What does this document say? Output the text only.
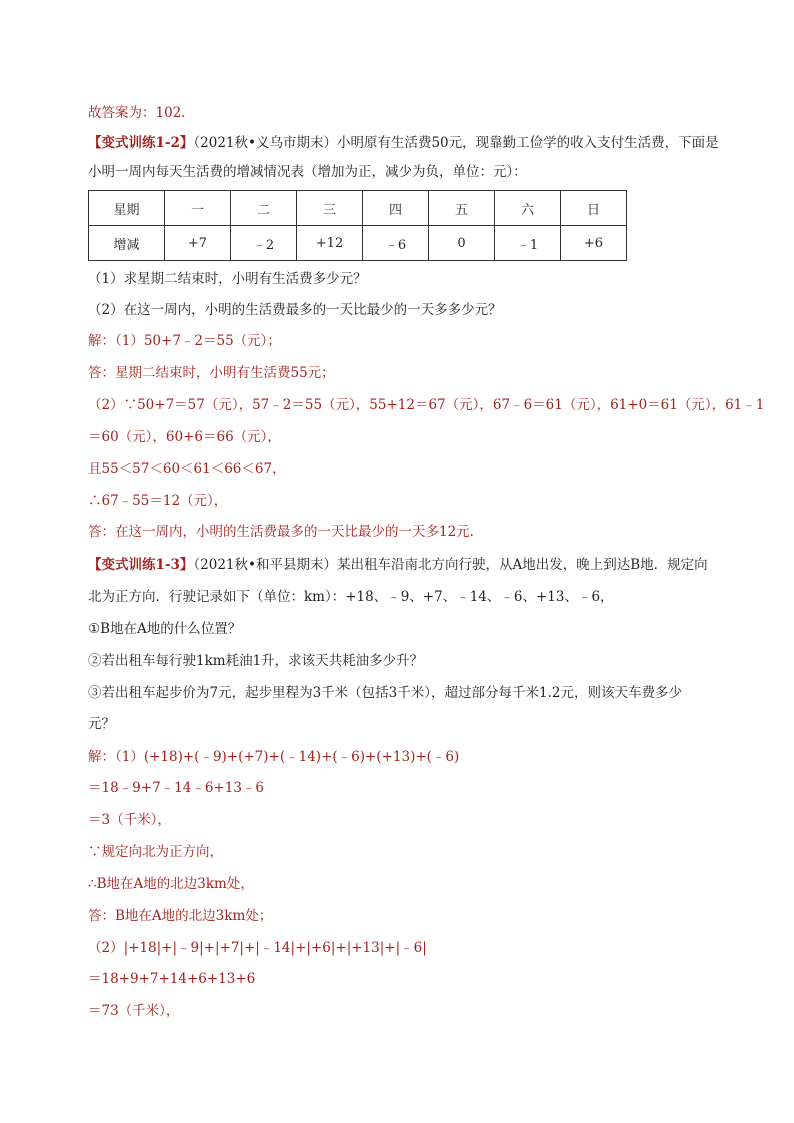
故答案为：102．
【变式训练1-2】（2021秋•义乌市期末）小明原有生活费50元，现靠勤工俭学的收入支付生活费，下面是
小明一周内每天生活费的增减情况表（增加为正，减少为负，单位：元）：
星期	一	二	三	四	五	六	日
增减	+7	﹣2	+12	﹣6	0	﹣1	+6
（1）求星期二结束时，小明有生活费多少元？
（2）在这一周内，小明的生活费最多的一天比最少的一天多多少元？
解：（1）50+7﹣2＝55（元）；
答：星期二结束时，小明有生活费55元；
（2）∵50+7＝57（元），57﹣2＝55（元），55+12＝67（元），67﹣6＝61（元），61+0＝61（元），61﹣1
＝60（元），60+6＝66（元），
且55＜57＜60＜61＜66＜67，
∴67﹣55＝12（元），
答：在这一周内，小明的生活费最多的一天比最少的一天多12元．
【变式训练1-3】（2021秋•和平县期末）某出租车沿南北方向行驶，从A地出发，晚上到达B地．规定向
北为正方向．行驶记录如下（单位：km）：+18、﹣9、+7、﹣14、﹣6、+13、﹣6，
①B地在A地的什么位置？
②若出租车每行驶1km耗油1升，求该天共耗油多少升？
③若出租车起步价为7元，起步里程为3千米（包括3千米），超过部分每千米1.2元，则该天车费多少
元？
解：（1）(+18)+(﹣9)+(+7)+(﹣14)+(﹣6)+(+13)+(﹣6)
＝18﹣9+7﹣14﹣6+13﹣6
＝3（千米），
∵规定向北为正方向，
∴B地在A地的北边3km处，
答：B地在A地的北边3km处；
（2）|+18|+|﹣9|+|+7|+|﹣14|+|+6|+|+13|+|﹣6|
＝18+9+7+14+6+13+6
＝73（千米），
